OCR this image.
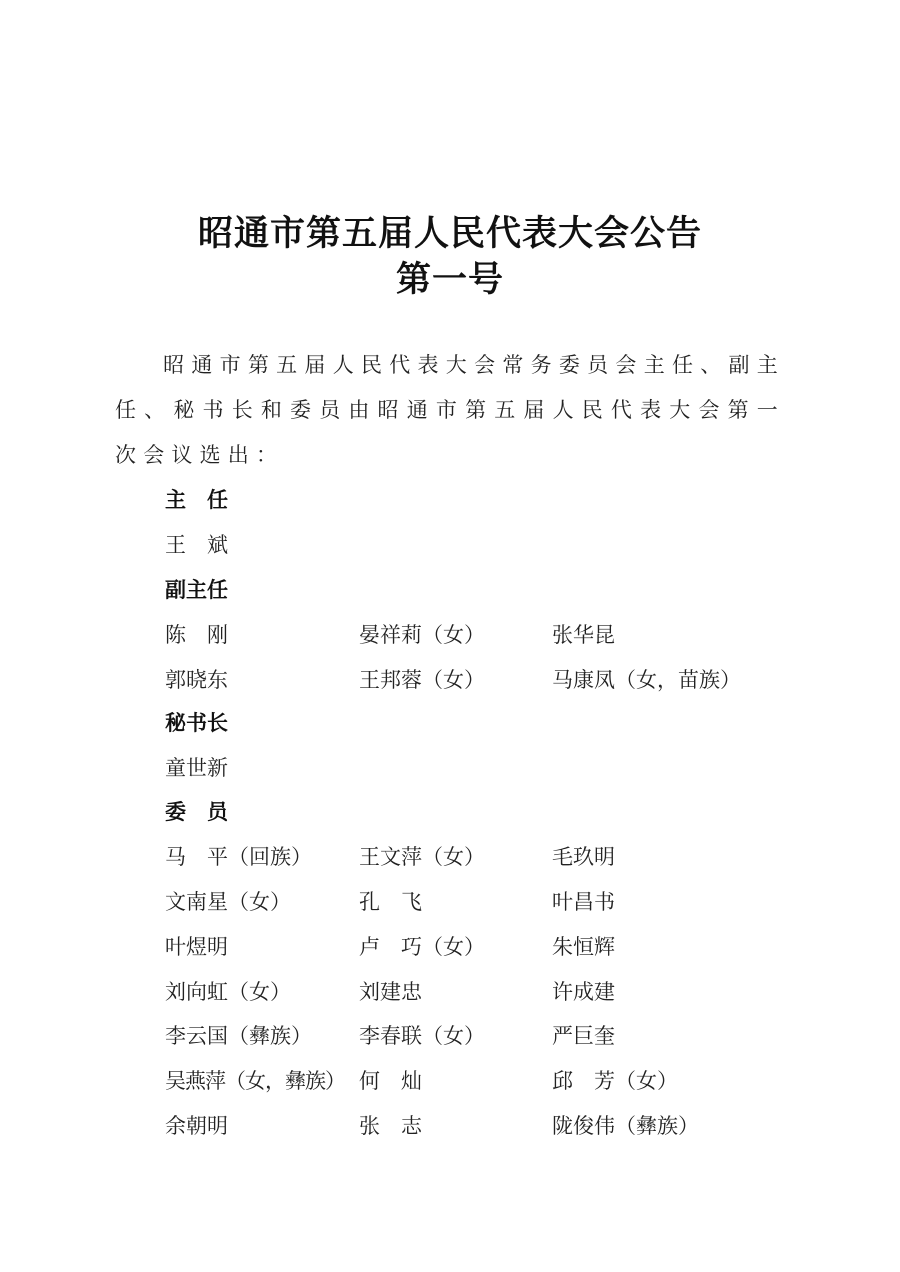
昭通市第五届人民代表大会公告
第一号
昭通市第五届人民代表大会常务委员会主任、副主任、秘书长和委员由昭通市第五届人民代表大会第一次会议选出：
主　任
王　斌
副主任
陈　刚	晏祥莉（女）	张华昆
郭晓东	王邦蓉（女）	马康凤（女，苗族）
秘书长
童世新
委　员
马　平（回族） 王文萍（女）	毛玖明
文南星（女）	孔　飞	叶昌书
叶煜明	卢　巧（女）	朱恒辉
刘向虹（女）	刘建忠	许成建
李云国（彝族） 李春联（女）	严巨奎
吴燕萍（女，彝族） 何　灿	邱　芳（女）
余朝明	张　志	陇俊伟（彝族）
